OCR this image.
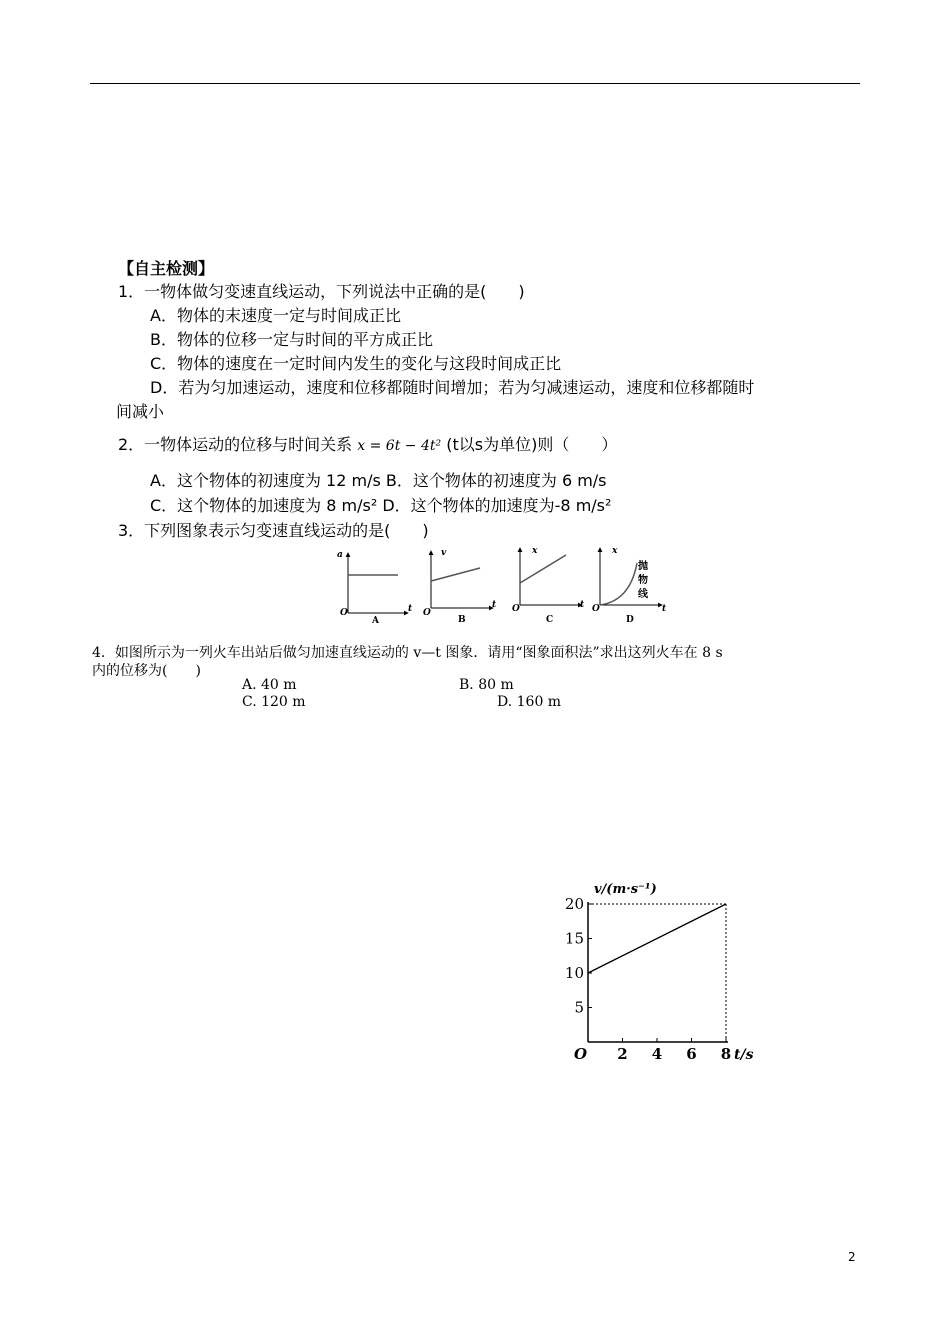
【自主检测】
1．一物体做匀变速直线运动，下列说法中正确的是(　　)
A．物体的末速度一定与时间成正比
B．物体的位移一定与时间的平方成正比
C．物体的速度在一定时间内发生的变化与这段时间成正比
D．若为匀加速运动，速度和位移都随时间增加；若为匀减速运动，速度和位移都随时
间减小
2．一物体运动的位移与时间关系 x = 6t − 4t² (t以s为单位)则（　　）
A．这个物体的初速度为 12 m/s B．这个物体的初速度为 6 m/s
C．这个物体的加速度为 8 m/s² D．这个物体的加速度为-8 m/s²
3．下列图象表示匀变速直线运动的是(　　)
a
t
O
A
v
t
O
B
x
t
O
C
x
t
O
D
抛
物
线
4．如图所示为一列火车出站后做匀加速直线运动的 v—t 图象．请用“图象面积法”求出这列火车在 8 s
内的位移为(　　)
A. 40 m	B. 80 m
C. 120 m	D. 160 m
v/(m·s⁻¹)
t/s
O 2 4 6 8
5
10
15
20
2
